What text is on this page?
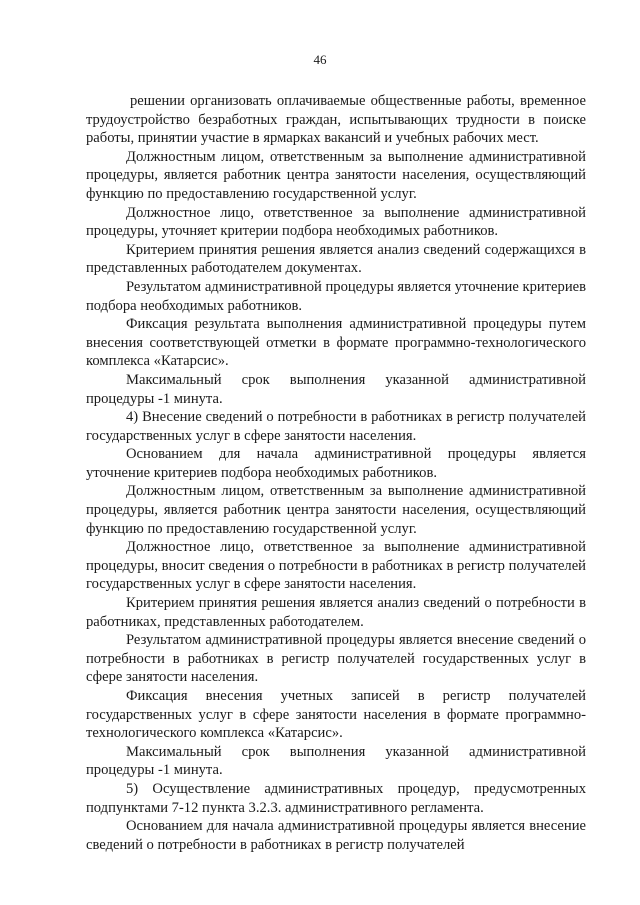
46

решении организовать оплачиваемые общественные работы, временное трудоустройство безработных граждан, испытывающих трудности в поиске работы, принятии участие в ярмарках вакансий и учебных рабочих мест.

Должностным лицом, ответственным за выполнение административной процедуры, является работник центра занятости населения, осуществляющий функцию по предоставлению государственной услуг.

Должностное лицо, ответственное за выполнение административной процедуры, уточняет критерии подбора необходимых работников.

Критерием принятия решения является анализ сведений содержащихся в представленных работодателем документах.

Результатом административной процедуры является уточнение критериев подбора необходимых работников.

Фиксация результата выполнения административной процедуры путем внесения соответствующей отметки в формате программно-технологического комплекса «Катарсис».

Максимальный срок выполнения указанной административной процедуры -1 минута.

4) Внесение сведений о потребности в работниках в регистр получателей государственных услуг в сфере занятости населения.

Основанием для начала административной процедуры является уточнение критериев подбора необходимых работников.

Должностным лицом, ответственным за выполнение административной процедуры, является работник центра занятости населения, осуществляющий функцию по предоставлению государственной услуг.

Должностное лицо, ответственное за выполнение административной процедуры, вносит сведения о потребности в работниках в регистр получателей государственных услуг в сфере занятости населения.

Критерием принятия решения является анализ сведений о потребности в работниках, представленных работодателем.

Результатом административной процедуры является внесение сведений о потребности в работниках в регистр получателей государственных услуг в сфере занятости населения.

Фиксация внесения учетных записей в регистр получателей государственных услуг в сфере занятости населения в формате программно-технологического комплекса «Катарсис».

Максимальный срок выполнения указанной административной процедуры -1 минута.

5) Осуществление административных процедур, предусмотренных подпунктами 7-12 пункта 3.2.3. административного регламента.

Основанием для начала административной процедуры является внесение сведений о потребности в работниках в регистр получателей
